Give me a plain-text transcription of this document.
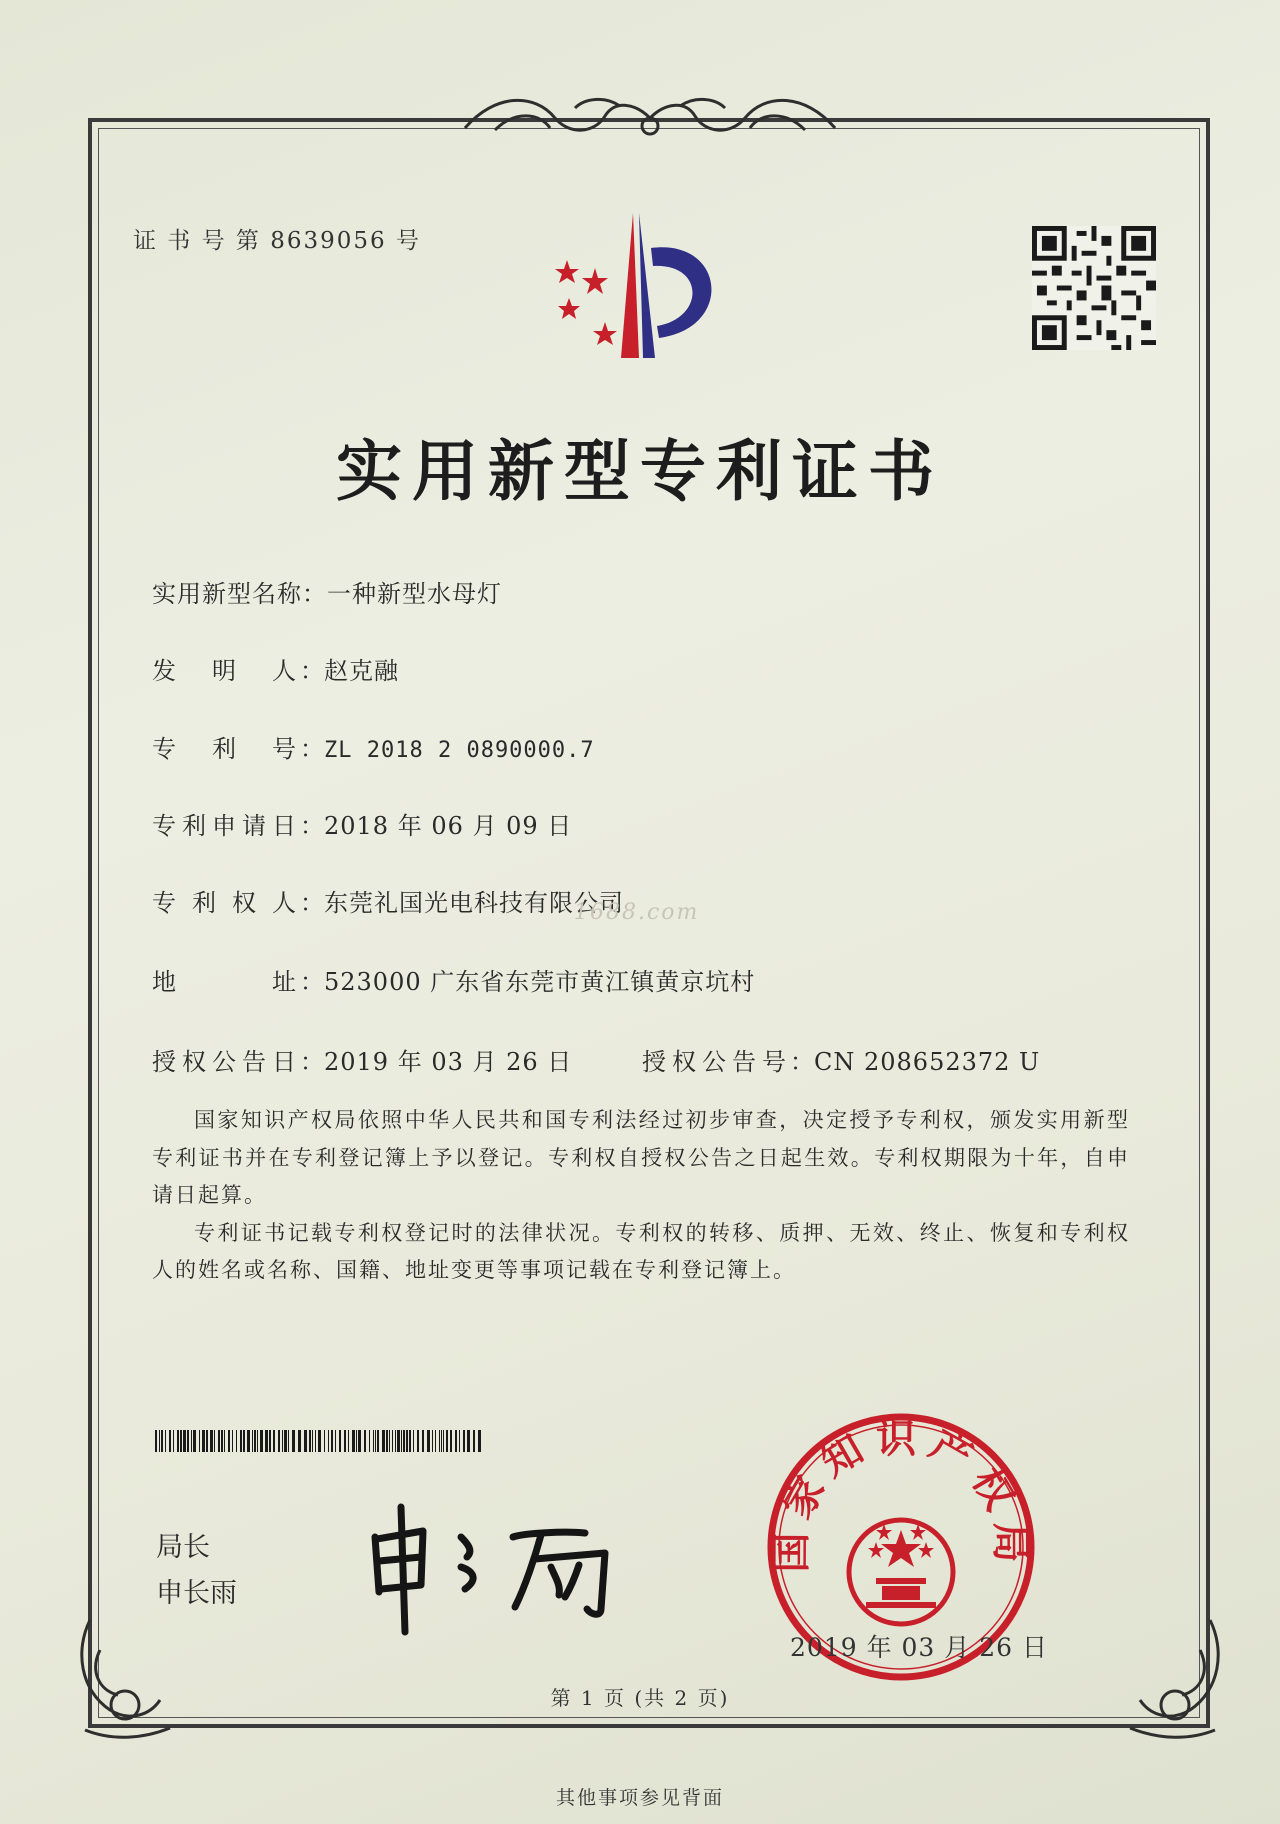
证 书 号 第 8639056 号
实用新型专利证书
实用新型名称：一种新型水母灯
发明人：赵克融
专利号：ZL 2018 2 0890000.7
专利申请日：2018 年 06 月 09 日
专利权人：东莞礼国光电科技有限公司
1688.com
地址：523000 广东省东莞市黄江镇黄京坑村
授权公告日：2019 年 03 月 26 日	授权公告号：CN 208652372 U

国家知识产权局依照中华人民共和国专利法经过初步审查，决定授予专利权，颁发实用新型专利证书并在专利登记簿上予以登记。专利权自授权公告之日起生效。专利权期限为十年，自申请日起算。

专利证书记载专利权登记时的法律状况。专利权的转移、质押、无效、终止、恢复和专利权人的姓名或名称、国籍、地址变更等事项记载在专利登记簿上。

局长
申长雨
国家知识产权局
2019 年 03 月 26 日
第 1 页 (共 2 页)
其他事项参见背面
